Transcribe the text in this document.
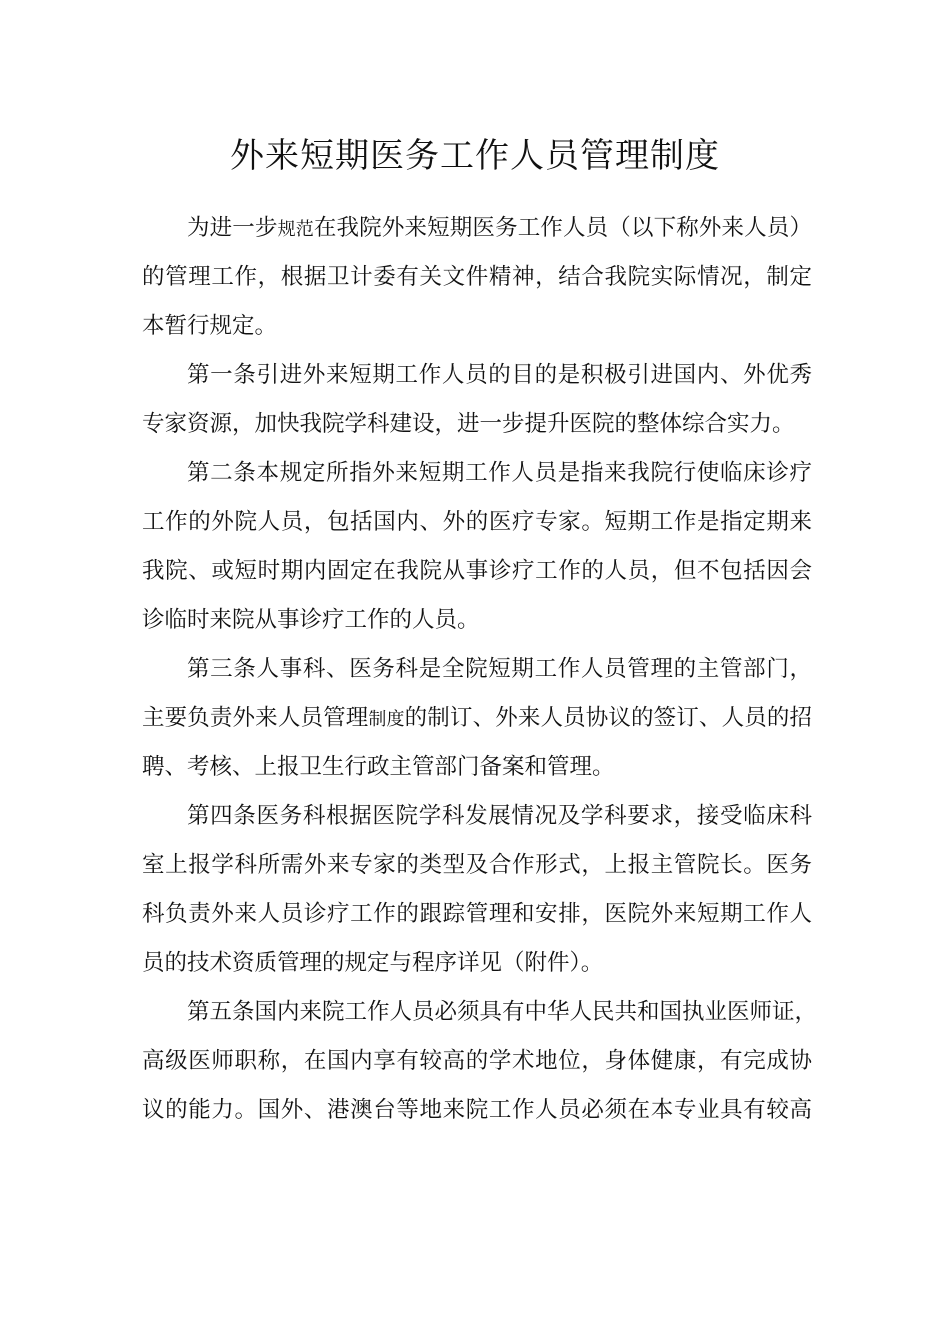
外来短期医务工作人员管理制度
为进一步规范在我院外来短期医务工作人员（以下称外来人员）
的管理工作，根据卫计委有关文件精神，结合我院实际情况，制定
本暂行规定。
第一条引进外来短期工作人员的目的是积极引进国内、外优秀
专家资源，加快我院学科建设，进一步提升医院的整体综合实力。
第二条本规定所指外来短期工作人员是指来我院行使临床诊疗
工作的外院人员，包括国内、外的医疗专家。短期工作是指定期来
我院、或短时期内固定在我院从事诊疗工作的人员，但不包括因会
诊临时来院从事诊疗工作的人员。
第三条人事科、医务科是全院短期工作人员管理的主管部门，
主要负责外来人员管理制度的制订、外来人员协议的签订、人员的招
聘、考核、上报卫生行政主管部门备案和管理。
第四条医务科根据医院学科发展情况及学科要求，接受临床科
室上报学科所需外来专家的类型及合作形式，上报主管院长。医务
科负责外来人员诊疗工作的跟踪管理和安排，医院外来短期工作人
员的技术资质管理的规定与程序详见（附件）。
第五条国内来院工作人员必须具有中华人民共和国执业医师证，
高级医师职称，在国内享有较高的学术地位，身体健康，有完成协
议的能力。国外、港澳台等地来院工作人员必须在本专业具有较高
